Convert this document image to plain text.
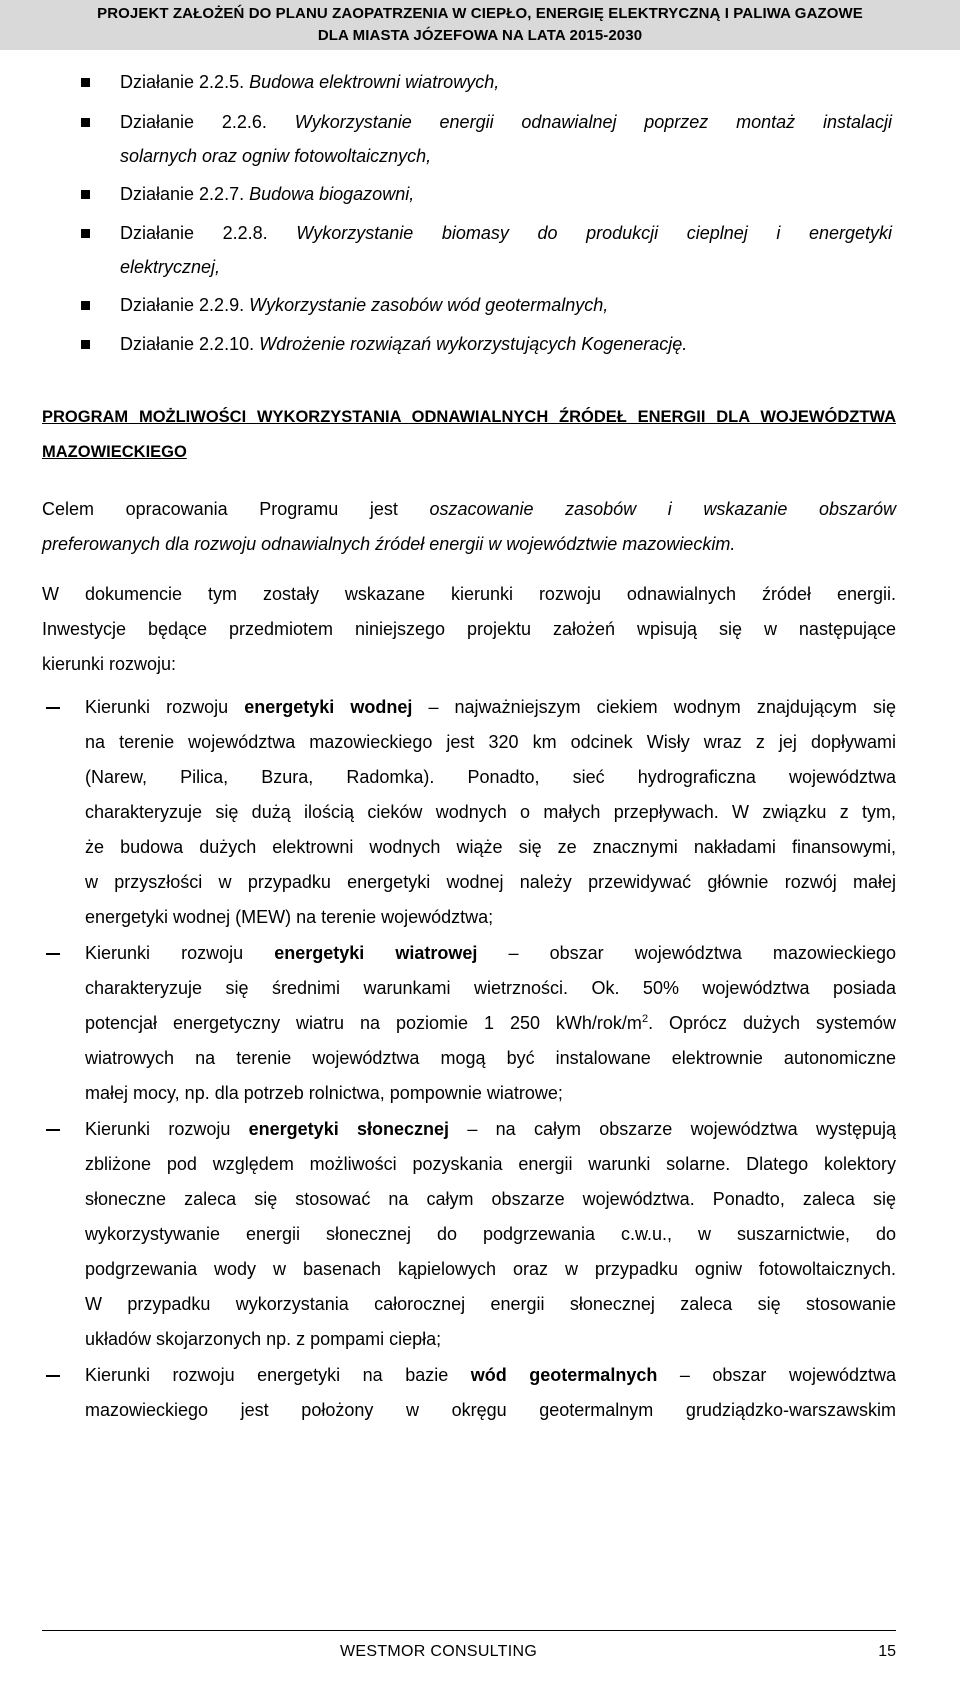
PROJEKT ZAŁOŻEŃ DO PLANU ZAOPATRZENIA W CIEPŁO, ENERGIĘ ELEKTRYCZNĄ I PALIWA GAZOWE
DLA MIASTA JÓZEFOWA NA LATA 2015-2030
Działanie 2.2.5. Budowa elektrowni wiatrowych,
Działanie 2.2.6. Wykorzystanie energii odnawialnej poprzez montaż instalacji
solarnych oraz ogniw fotowoltaicznych,
Działanie 2.2.7. Budowa biogazowni,
Działanie 2.2.8. Wykorzystanie biomasy do produkcji cieplnej i energetyki
elektrycznej,
Działanie 2.2.9. Wykorzystanie zasobów wód geotermalnych,
Działanie 2.2.10. Wdrożenie rozwiązań wykorzystujących Kogenerację.
PROGRAM MOŻLIWOŚCI WYKORZYSTANIA ODNAWIALNYCH ŹRÓDEŁ ENERGII DLA WOJEWÓDZTWA
MAZOWIECKIEGO
Celem opracowania Programu jest oszacowanie zasobów i wskazanie obszarów
preferowanych dla rozwoju odnawialnych źródeł energii w województwie mazowieckim.
W dokumencie tym zostały wskazane kierunki rozwoju odnawialnych źródeł energii.
Inwestycje będące przedmiotem niniejszego projektu założeń wpisują się w następujące
kierunki rozwoju:
Kierunki rozwoju energetyki wodnej – najważniejszym ciekiem wodnym znajdującym się
na terenie województwa mazowieckiego jest 320 km odcinek Wisły wraz z jej dopływami
(Narew, Pilica, Bzura, Radomka). Ponadto, sieć hydrograficzna województwa
charakteryzuje się dużą ilością cieków wodnych o małych przepływach. W związku z tym,
że budowa dużych elektrowni wodnych wiąże się ze znacznymi nakładami finansowymi,
w przyszłości w przypadku energetyki wodnej należy przewidywać głównie rozwój małej
energetyki wodnej (MEW) na terenie województwa;
Kierunki rozwoju energetyki wiatrowej – obszar województwa mazowieckiego
charakteryzuje się średnimi warunkami wietrzności. Ok. 50% województwa posiada
potencjał energetyczny wiatru na poziomie 1 250 kWh/$rok/m^2$. Oprócz dużych systemów
wiatrowych na terenie województwa mogą być instalowane elektrownie autonomiczne
małej mocy, np. dla potrzeb rolnictwa, pompownie wiatrowe;
Kierunki rozwoju energetyki słonecznej – na całym obszarze województwa występują
zbliżone pod względem możliwości pozyskania energii warunki solarne. Dlatego kolektory
słoneczne zaleca się stosować na całym obszarze województwa. Ponadto, zaleca się
wykorzystywanie energii słonecznej do podgrzewania c.w.u., w suszarnictwie, do
podgrzewania wody w basenach kąpielowych oraz w przypadku ogniw fotowoltaicznych.
W przypadku wykorzystania całorocznej energii słonecznej zaleca się stosowanie
układów skojarzonych np. z pompami ciepła;
Kierunki rozwoju energetyki na bazie wód geotermalnych – obszar województwa
mazowieckiego jest położony w okręgu geotermalnym grudziądzko-warszawskim
WESTMOR CONSULTING	15
